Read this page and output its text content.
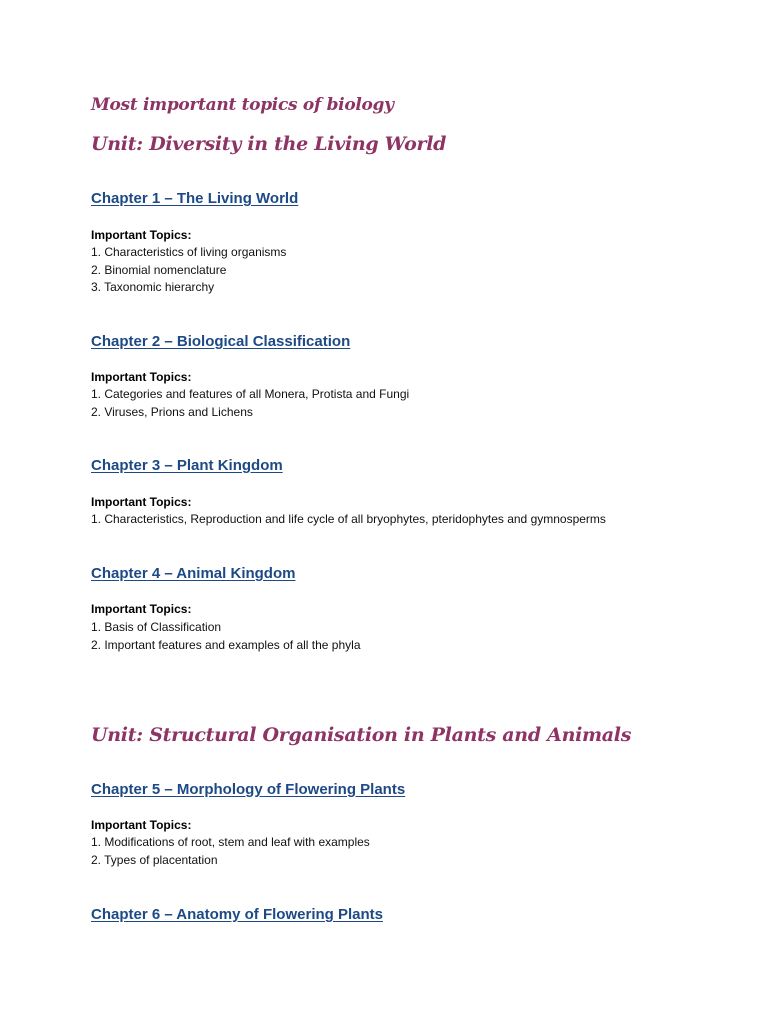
Most important topics of biology
Unit: Diversity in the Living World
Chapter 1 – The Living World
Important Topics:
1. Characteristics of living organisms
2. Binomial nomenclature
3. Taxonomic hierarchy
Chapter 2 – Biological Classification
Important Topics:
1. Categories and features of all Monera, Protista and Fungi
2. Viruses, Prions and Lichens
Chapter 3 – Plant Kingdom
Important Topics:
1. Characteristics, Reproduction and life cycle of all bryophytes, pteridophytes and gymnosperms
Chapter 4 – Animal Kingdom
Important Topics:
1. Basis of Classification
2. Important features and examples of all the phyla
Unit: Structural Organisation in Plants and Animals
Chapter 5 – Morphology of Flowering Plants
Important Topics:
1. Modifications of root, stem and leaf with examples
2. Types of placentation
Chapter 6 – Anatomy of Flowering Plants
